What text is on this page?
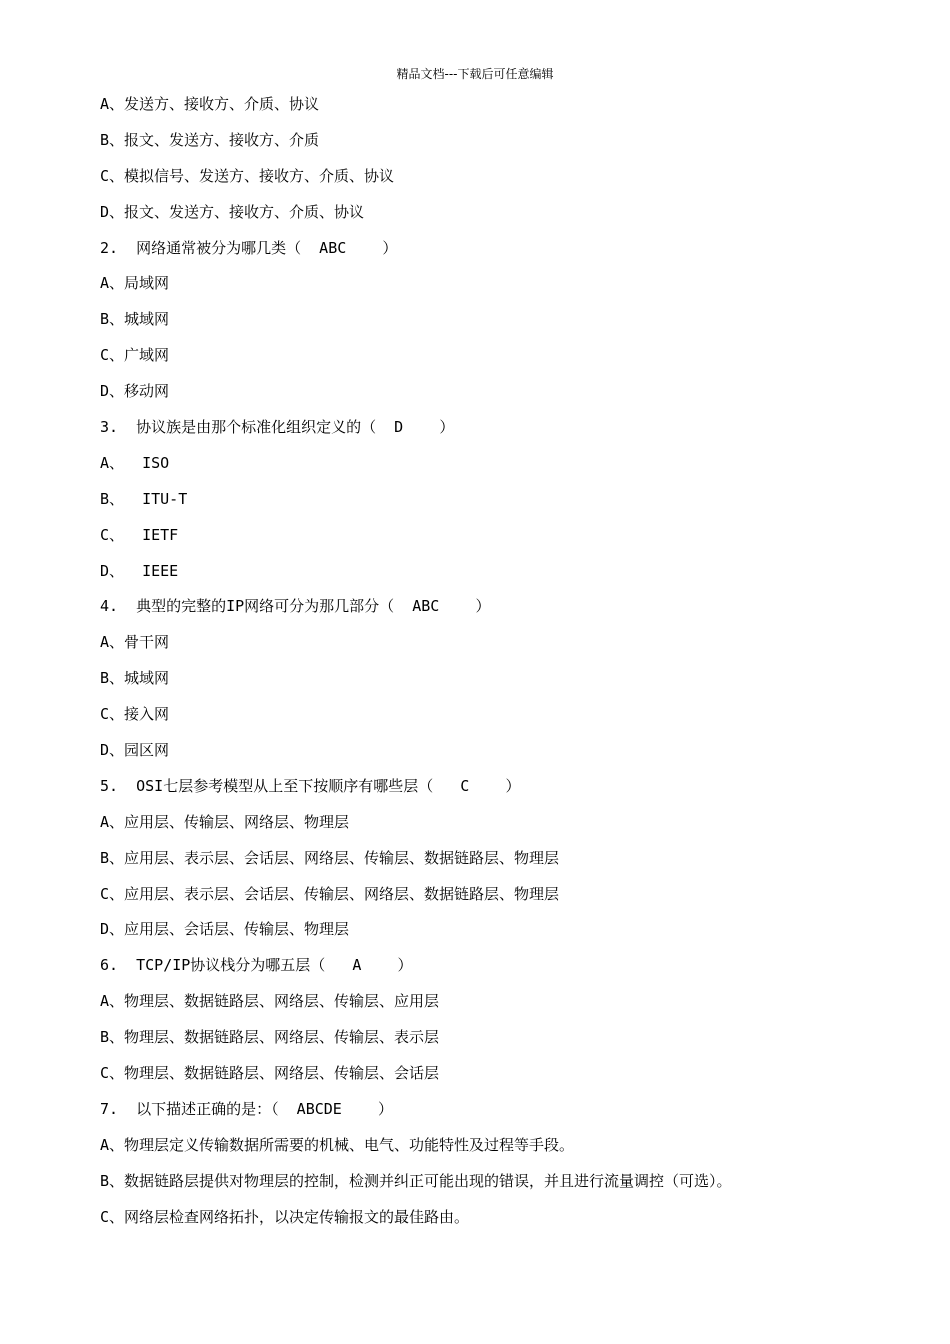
精品文档---下载后可任意编辑
A、发送方、接收方、介质、协议
B、报文、发送方、接收方、介质
C、模拟信号、发送方、接收方、介质、协议
D、报文、发送方、接收方、介质、协议
2.  网络通常被分为哪几类（  ABC    ）
A、局域网
B、城域网
C、广域网
D、移动网
3.  协议族是由那个标准化组织定义的（  D    ）
A、  ISO
B、  ITU-T
C、  IETF
D、  IEEE
4.  典型的完整的IP网络可分为那几部分（  ABC    ）
A、骨干网
B、城域网
C、接入网
D、园区网
5.  OSI七层参考模型从上至下按顺序有哪些层（   C    ）
A、应用层、传输层、网络层、物理层
B、应用层、表示层、会话层、网络层、传输层、数据链路层、物理层
C、应用层、表示层、会话层、传输层、网络层、数据链路层、物理层
D、应用层、会话层、传输层、物理层
6.  TCP/IP协议栈分为哪五层（   A    ）
A、物理层、数据链路层、网络层、传输层、应用层
B、物理层、数据链路层、网络层、传输层、表示层
C、物理层、数据链路层、网络层、传输层、会话层
7.  以下描述正确的是：（  ABCDE    ）
A、物理层定义传输数据所需要的机械、电气、功能特性及过程等手段。
B、数据链路层提供对物理层的控制，检测并纠正可能出现的错误，并且进行流量调控（可选）。
C、网络层检查网络拓扑，以决定传输报文的最佳路由。
